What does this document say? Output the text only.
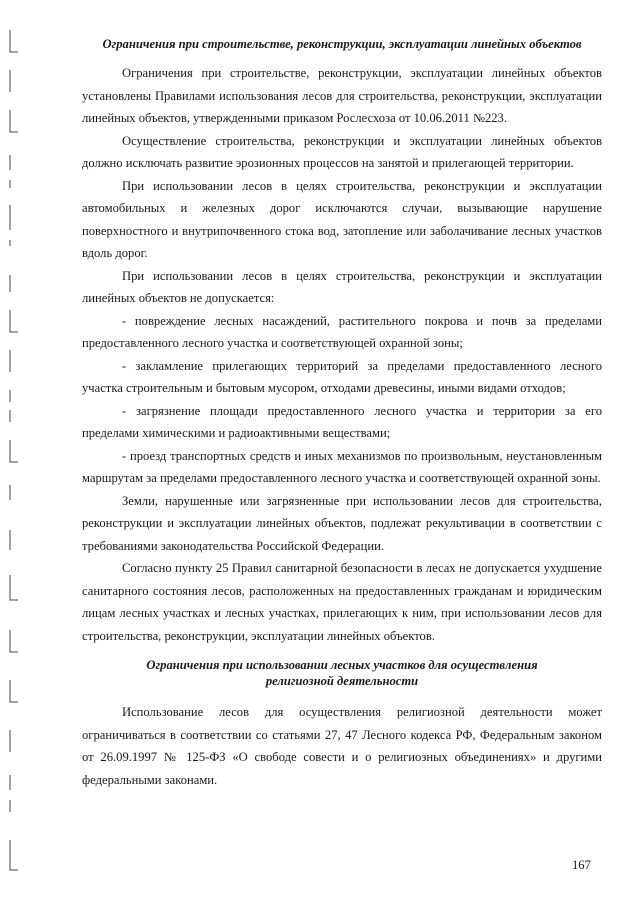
Ограничения при строительстве, реконструкции, эксплуатации линейных объектов

Ограничения при строительстве, реконструкции, эксплуатации линейных объектов установлены Правилами использования лесов для строительства, реконструкции, эксплуатации линейных объектов, утвержденными приказом Рослесхоза от 10.06.2011 №223.

Осуществление строительства, реконструкции и эксплуатации линейных объектов должно исключать развитие эрозионных процессов на занятой и прилегающей территории.

При использовании лесов в целях строительства, реконструкции и эксплуатации автомобильных и железных дорог исключаются случаи, вызывающие нарушение поверхностного и внутрипочвенного стока вод, затопление или заболачивание лесных участков вдоль дорог.

При использовании лесов в целях строительства, реконструкции и эксплуатации линейных объектов не допускается:

- повреждение лесных насаждений, растительного покрова и почв за пределами предоставленного лесного участка и соответствующей охранной зоны;

- закламление прилегающих территорий за пределами предоставленного лесного участка строительным и бытовым мусором, отходами древесины, иными видами отходов;

- загрязнение площади предоставленного лесного участка и территории за его пределами химическими и радиоактивными веществами;

- проезд транспортных средств и иных механизмов по произвольным, неустановленным маршрутам за пределами предоставленного лесного участка и соответствующей охранной зоны.

Земли, нарушенные или загрязненные при использовании лесов для строительства, реконструкции и эксплуатации линейных объектов, подлежат рекультивации в соответствии с требованиями законодательства Российской Федерации.

Согласно пункту 25 Правил санитарной безопасности в лесах не допускается ухудшение санитарного состояния лесов, расположенных на предоставленных гражданам и юридическим лицам лесных участках и лесных участках, прилегающих к ним, при использовании лесов для строительства, реконструкции, эксплуатации линейных объектов.

Ограничения при использовании лесных участков для осуществления
религиозной деятельности

Использование лесов для осуществления религиозной деятельности может ограничиваться в соответствии со статьями 27, 47 Лесного кодекса РФ, Федеральным законом от 26.09.1997 № 125-ФЗ «О свободе совести и о религиозных объединениях» и другими федеральными законами.

167
